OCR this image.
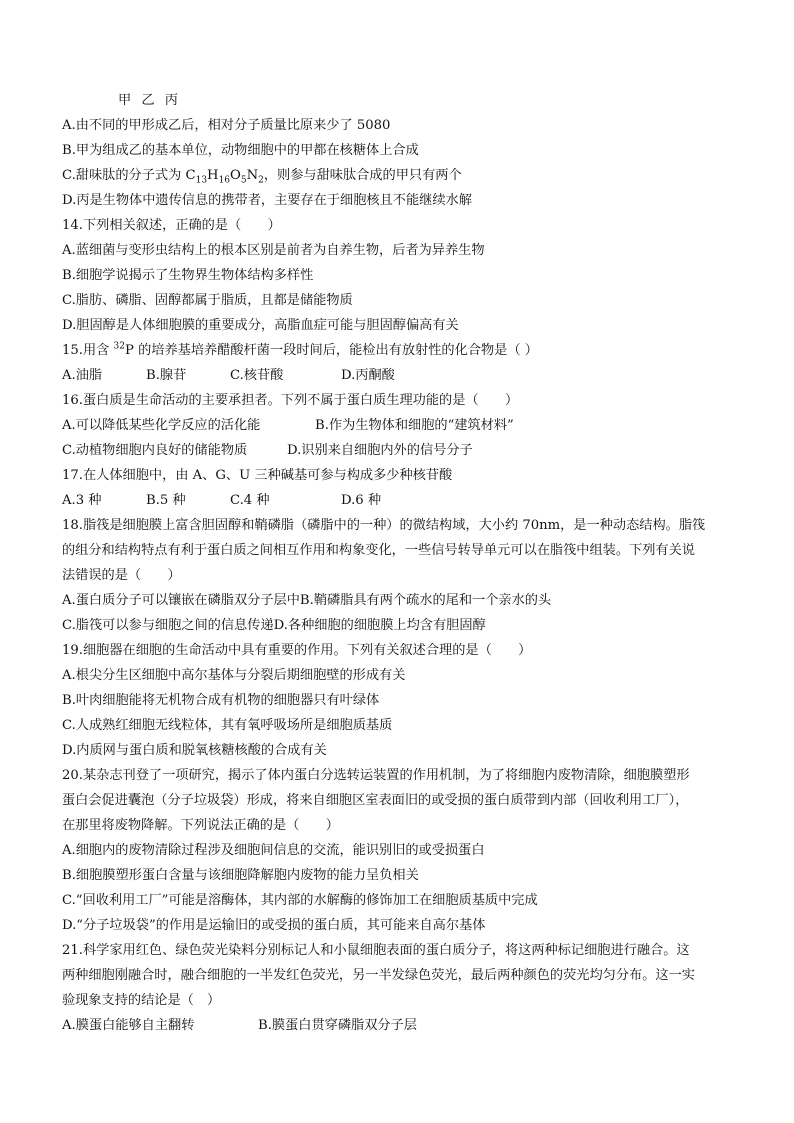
甲 乙 丙
A.由不同的甲形成乙后，相对分子质量比原来少了 5080
B.甲为组成乙的基本单位，动物细胞中的甲都在核糖体上合成
C.甜味肽的分子式为 $C_{13}H_{16}O_5N_2$，则参与甜味肽合成的甲只有两个
D.丙是生物体中遗传信息的携带者，主要存在于细胞核且不能继续水解
14.下列相关叙述，正确的是（　　）
A.蓝细菌与变形虫结构上的根本区别是前者为自养生物，后者为异养生物
B.细胞学说揭示了生物界生物体结构多样性
C.脂肪、磷脂、固醇都属于脂质，且都是储能物质
D.胆固醇是人体细胞膜的重要成分，高脂血症可能与胆固醇偏高有关
15.用含 $^{32}$P 的培养基培养醋酸杆菌一段时间后，能检出有放射性的化合物是（ ）
A.油脂	B.腺苷	C.核苷酸	D.丙酮酸
16.蛋白质是生命活动的主要承担者。下列不属于蛋白质生理功能的是（　　）
A.可以降低某些化学反应的活化能	B.作为生物体和细胞的“建筑材料”
C.动植物细胞内良好的储能物质	D.识别来自细胞内外的信号分子
17.在人体细胞中，由 A、G、U 三种碱基可参与构成多少种核苷酸
A.3 种	B.5 种	C.4 种	D.6 种
18.脂筏是细胞膜上富含胆固醇和鞘磷脂（磷脂中的一种）的微结构域，大小约 70nm，是一种动态结构。脂筏
的组分和结构特点有利于蛋白质之间相互作用和构象变化，一些信号转导单元可以在脂筏中组装。下列有关说
法错误的是（　　）
A.蛋白质分子可以镶嵌在磷脂双分子层中B.鞘磷脂具有两个疏水的尾和一个亲水的头
C.脂筏可以参与细胞之间的信息传递D.各种细胞的细胞膜上均含有胆固醇
19.细胞器在细胞的生命活动中具有重要的作用。下列有关叙述合理的是（　　）
A.根尖分生区细胞中高尔基体与分裂后期细胞壁的形成有关
B.叶肉细胞能将无机物合成有机物的细胞器只有叶绿体
C.人成熟红细胞无线粒体，其有氧呼吸场所是细胞质基质
D.内质网与蛋白质和脱氧核糖核酸的合成有关
20.某杂志刊登了一项研究，揭示了体内蛋白分选转运装置的作用机制，为了将细胞内废物清除，细胞膜塑形
蛋白会促进囊泡（分子垃圾袋）形成，将来自细胞区室表面旧的或受损的蛋白质带到内部（回收利用工厂），
在那里将废物降解。下列说法正确的是（　　）
A.细胞内的废物清除过程涉及细胞间信息的交流，能识别旧的或受损蛋白
B.细胞膜塑形蛋白含量与该细胞降解胞内废物的能力呈负相关
C.“回收利用工厂”可能是溶酶体，其内部的水解酶的修饰加工在细胞质基质中完成
D.“分子垃圾袋”的作用是运输旧的或受损的蛋白质，其可能来自高尔基体
21.科学家用红色、绿色荧光染料分别标记人和小鼠细胞表面的蛋白质分子，将这两种标记细胞进行融合。这
两种细胞刚融合时，融合细胞的一半发红色荧光，另一半发绿色荧光，最后两种颜色的荧光均匀分布。这一实
验现象支持的结论是（　）
A.膜蛋白能够自主翻转	B.膜蛋白贯穿磷脂双分子层
